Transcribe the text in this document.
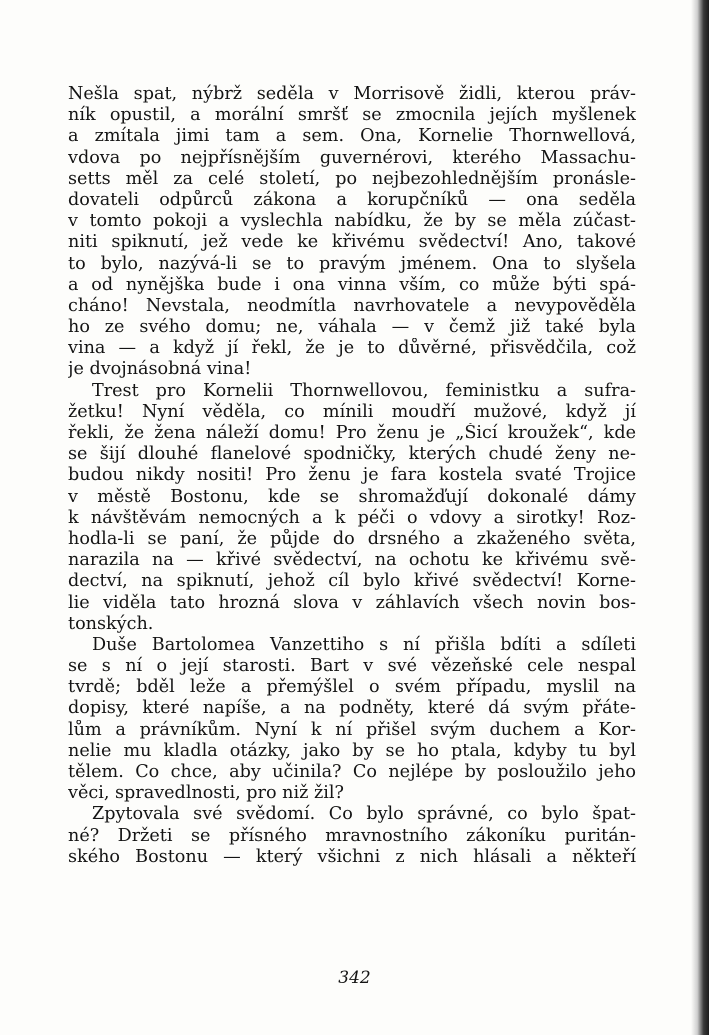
Nešla spat, nýbrž seděla v Morrisově židli, kterou práv-
ník opustil, a morální smršť se zmocnila jejích myšlenek
a zmítala jimi tam a sem. Ona, Kornelie Thornwellová,
vdova po nejpřísnějším guvernérovi, kterého Massachu-
setts měl za celé století, po nejbezohlednějším pronásle-
dovateli odpůrců zákona a korupčníků — ona seděla
v tomto pokoji a vyslechla nabídku, že by se měla zúčast-
niti spiknutí, jež vede ke křivému svědectví! Ano, takové
to bylo, nazývá-li se to pravým jménem. Ona to slyšela
a od nynějška bude i ona vinna vším, co může býti spá-
cháno! Nevstala, neodmítla navrhovatele a nevypověděla
ho ze svého domu; ne, váhala — v čemž již také byla
vina — a když jí řekl, že je to důvěrné, přisvědčila, což
je dvojnásobná vina!
Trest pro Kornelii Thornwellovou, feministku a sufra-
žetku! Nyní věděla, co mínili moudří mužové, když jí
řekli, že žena náleží domu! Pro ženu je „Šicí kroužek“, kde
se šijí dlouhé flanelové spodničky, kterých chudé ženy ne-
budou nikdy nositi! Pro ženu je fara kostela svaté Trojice
v městě Bostonu, kde se shromažďují dokonalé dámy
k návštěvám nemocných a k péči o vdovy a sirotky! Roz-
hodla-li se paní, že půjde do drsného a zkaženého světa,
narazila na — křivé svědectví, na ochotu ke křivému svě-
dectví, na spiknutí, jehož cíl bylo křivé svědectví! Korne-
lie viděla tato hrozná slova v záhlavích všech novin bos-
tonských.
Duše Bartolomea Vanzettiho s ní přišla bdíti a sdíleti
se s ní o její starosti. Bart v své vězeňské cele nespal
tvrdě; bděl leže a přemýšlel o svém případu, myslil na
dopisy, které napíše, a na podněty, které dá svým přáte-
lům a právníkům. Nyní k ní přišel svým duchem a Kor-
nelie mu kladla otázky, jako by se ho ptala, kdyby tu byl
tělem. Co chce, aby učinila? Co nejlépe by posloužilo jeho
věci, spravedlnosti, pro niž žil?
Zpytovala své svědomí. Co bylo správné, co bylo špat-
né? Držeti se přísného mravnostního zákoníku puritán-
ského Bostonu — který všichni z nich hlásali a někteří
342
